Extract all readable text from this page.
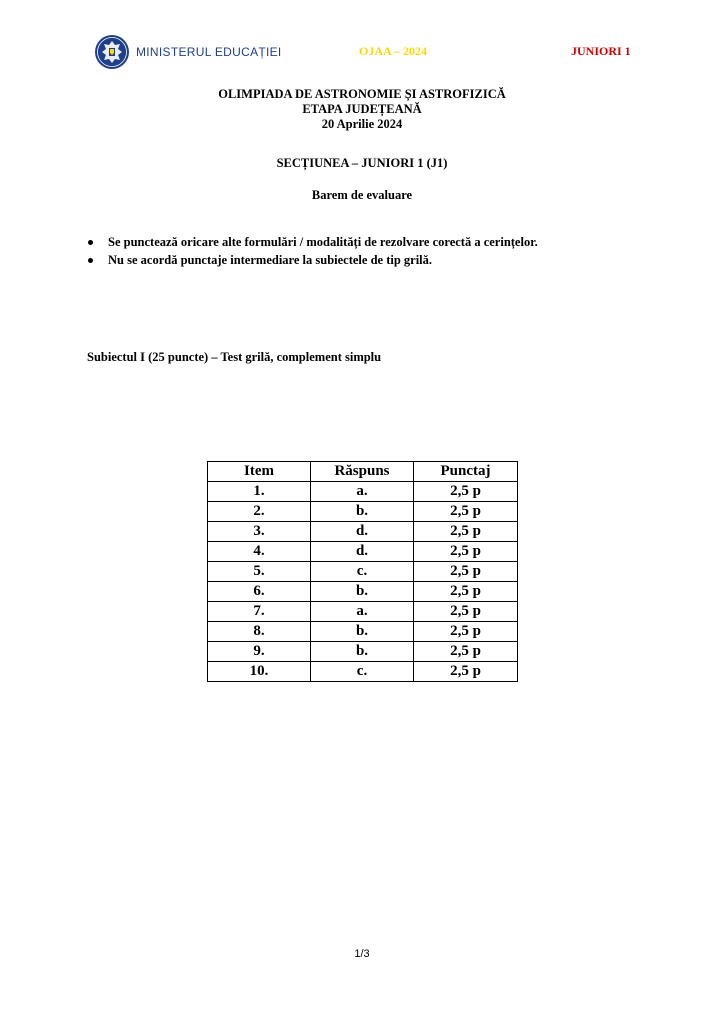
MINISTERUL EDUCAȚIEI	OJAA – 2024	JUNIORI 1
OLIMPIADA DE ASTRONOMIE ȘI ASTROFIZICĂ
ETAPA JUDEȚEANĂ
20 Aprilie 2024
SECȚIUNEA – JUNIORI 1 (J1)
Barem de evaluare
Se punctează oricare alte formulări / modalități de rezolvare corectă a cerințelor.
Nu se acordă punctaje intermediare la subiectele de tip grilă.
Subiectul I (25 puncte) – Test grilă, complement simplu
Item	Răspuns	Punctaj
1.	a.	2,5 p
2.	b.	2,5 p
3.	d.	2,5 p
4.	d.	2,5 p
5.	c.	2,5 p
6.	b.	2,5 p
7.	a.	2,5 p
8.	b.	2,5 p
9.	b.	2,5 p
10.	c.	2,5 p
1/3
